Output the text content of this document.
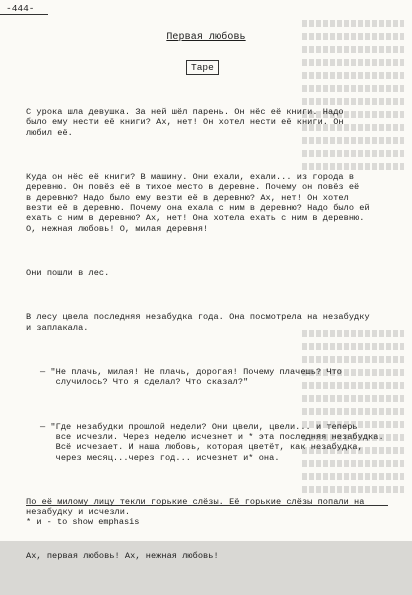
-444-
Первая любовь
Tape

С урока шла девушка. За ней шёл парень. Он нёс её книги. Надо
было ему нести её книги? Ах, нет! Он хотел нести её книги. Он
любил её.

Куда он нёс её книги? В машину. Они ехали, ехали... из города в
деревню. Он повёз её в тихое место в деревне. Почему он повёз её
в деревню? Надо было ему везти её в деревню? Ах, нет! Он хотел
везти её в деревню. Почему она ехала с ним в деревню? Надо было ей
ехать с ним в деревню? Ах, нет! Она хотела ехать с ним в деревню.
О, нежная любовь! О, милая деревня!

Они пошли в лес.

В лесу цвела последняя незабудка года. Она посмотрела на незабудку
и заплакала.

— "Не плачь, милая! Не плачь, дорогая! Почему плачешь? Что
случилось? Что я сделал? Что сказал?"

— "Где незабудки прошлой недели? Они цвели, цвели... и теперь
все исчезли. Через неделю исчезнет и * эта последняя незабудка.
Всё исчезает. И наша любовь, которая цветёт, как незабудка,
через месяц...через год... исчезнет и* она.

По её милому лицу текли горькие слёзы. Её горькие слёзы попали на
незабудку и исчезли.

Ах, первая любовь! Ах, нежная любовь!

* и - to show emphasis
